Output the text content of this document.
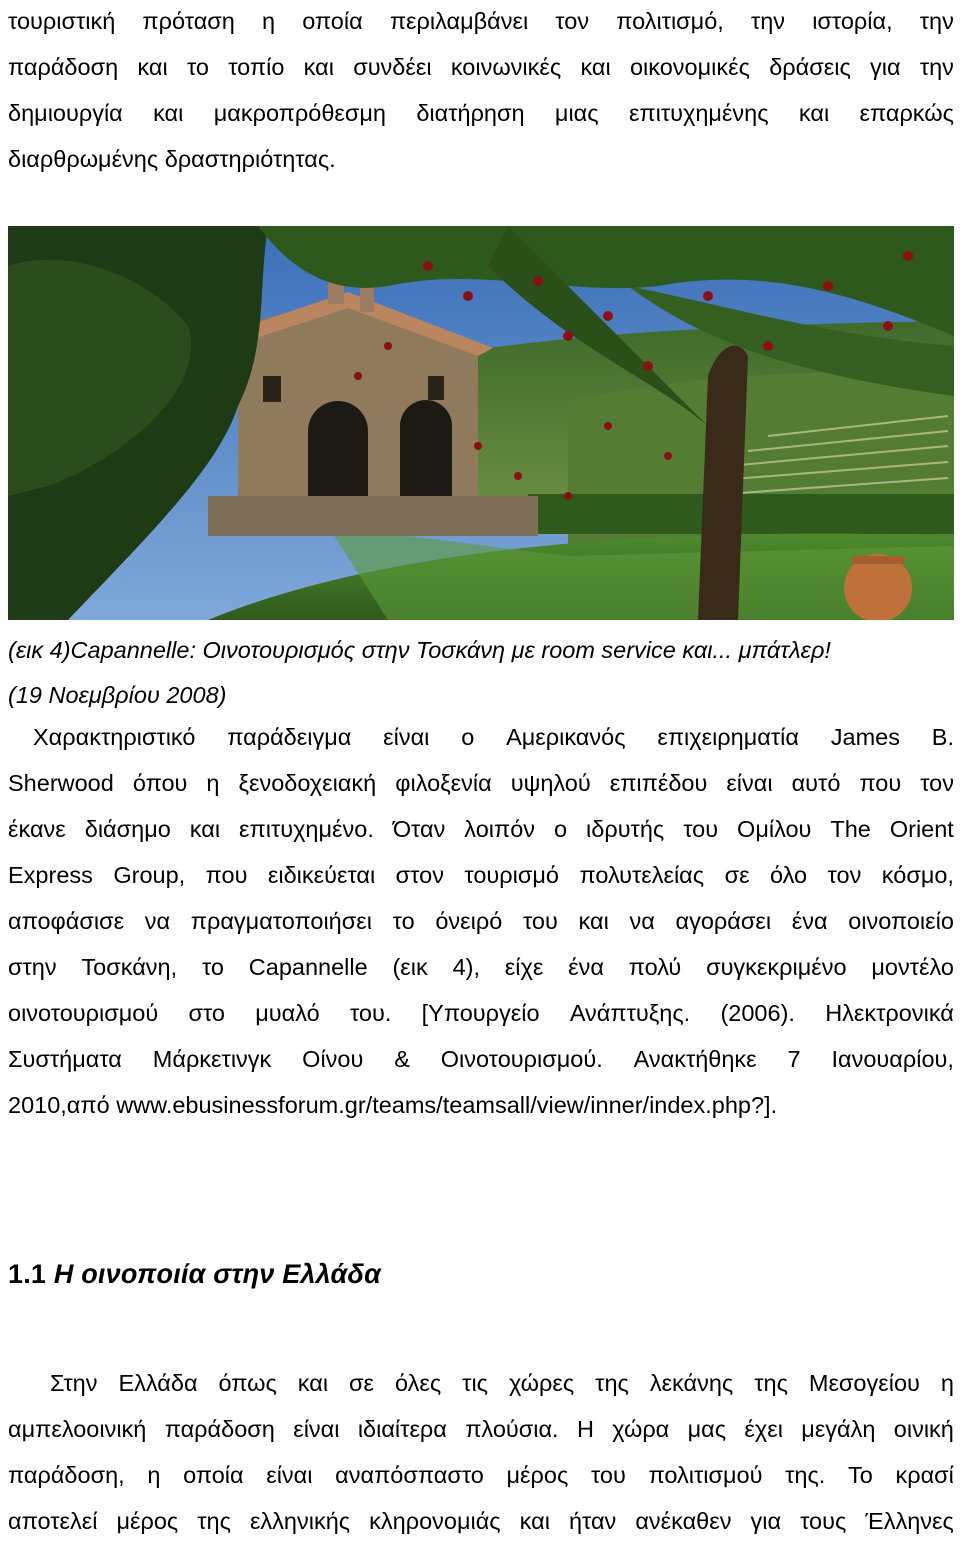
τουριστική πρόταση η οποία περιλαμβάνει τον πολιτισμό, την ιστορία, την
παράδοση και το τοπίο και συνδέει κοινωνικές και οικονομικές δράσεις για την
δημιουργία και μακροπρόθεσμη διατήρηση μιας επιτυχημένης και επαρκώς
διαρθρωμένης δραστηριότητας.
(εικ 4)Capannelle: Οινοτουρισμός στην Τοσκάνη με room service και... μπάτλερ!
(19 Νοεμβρίου 2008)
Χαρακτηριστικό παράδειγμα είναι ο Αμερικανός επιχειρηματία James B.
Sherwood όπου η ξενοδοχειακή φιλοξενία υψηλού επιπέδου είναι αυτό που τον
έκανε διάσημο και επιτυχημένο. Όταν λοιπόν ο ιδρυτής του Ομίλου The Orient
Express Group, που ειδικεύεται στον τουρισμό πολυτελείας σε όλο τον κόσμο,
αποφάσισε να πραγματοποιήσει το όνειρό του και να αγοράσει ένα οινοποιείο
στην Τοσκάνη, το Capannelle (εικ 4), είχε ένα πολύ συγκεκριμένο μοντέλο
οινοτουρισμού στο μυαλό του. [Υπουργείο Ανάπτυξης. (2006). Ηλεκτρονικά
Συστήματα Μάρκετινγκ Οίνου & Οινοτουρισμού. Ανακτήθηκε 7 Ιανουαρίου,
2010,από www.ebusinessforum.gr/teams/teamsall/view/inner/index.php?].
1.1 Η οινοποιία στην Ελλάδα
Στην Ελλάδα όπως και σε όλες τις χώρες της λεκάνης της Μεσογείου η
αμπελοοινική παράδοση είναι ιδιαίτερα πλούσια. Η χώρα μας έχει μεγάλη οινική
παράδοση, η οποία είναι αναπόσπαστο μέρος του πολιτισμού της. Το κρασί
αποτελεί μέρος της ελληνικής κληρονομιάς και ήταν ανέκαθεν για τους Έλληνες
